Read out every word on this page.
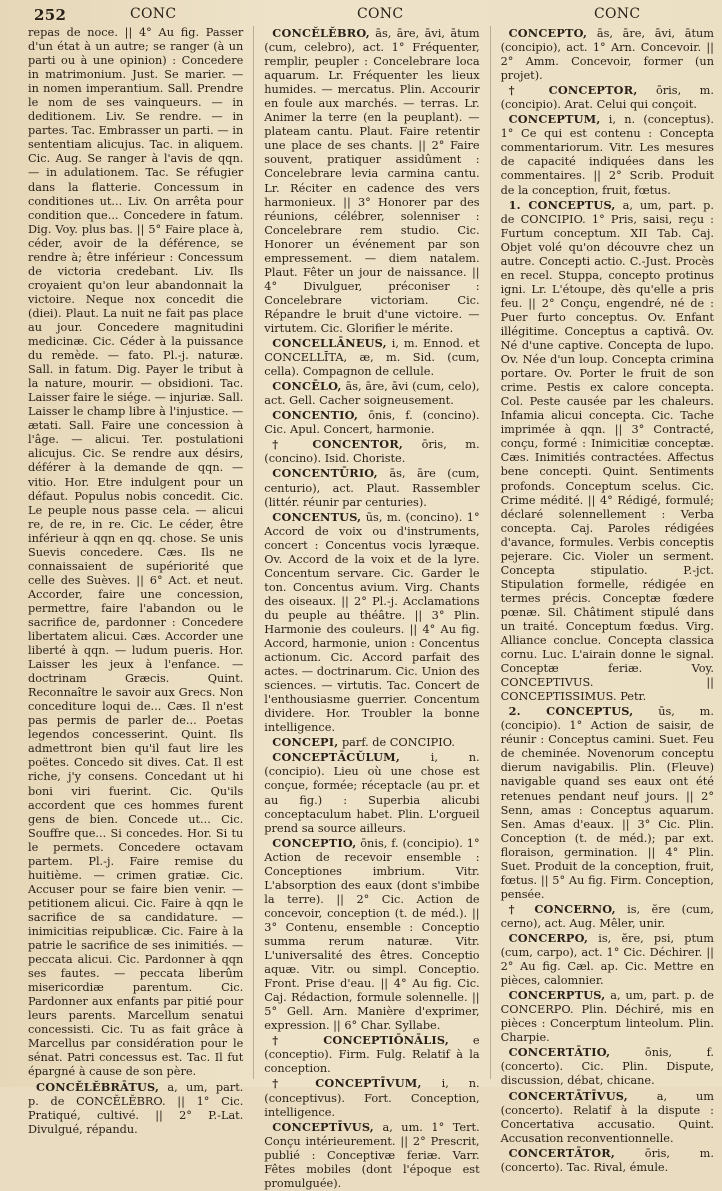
252	CONC	CONC	CONC

repas de noce. || 4° Au fig. Passer d'un état à un autre; se ranger (à un parti ou à une opinion) : Concedere in matrimonium. Just. Se marier. — in nomen imperantium. Sall. Prendre le nom de ses vainqueurs. — in deditionem. Liv. Se rendre. — in partes. Tac. Embrasser un parti. — in sententiam alicujus. Tac. in aliquem. Cic. Aug. Se ranger à l'avis de qqn. — in adulationem. Tac. Se réfugier dans la flatterie. Concessum in conditiones ut... Liv. On arrêta pour condition que... Concedere in fatum. Dig. Voy. plus bas. || 5° Faire place à, céder, avoir de la déférence, se rendre à; être inférieur : Concessum de victoria credebant. Liv. Ils croyaient qu'on leur abandonnait la victoire. Neque nox concedit die (diei). Plaut. La nuit ne fait pas place au jour. Concedere magnitudini medicinæ. Cic. Céder à la puissance du remède. — fato. Pl.-j. naturæ. Sall. in fatum. Dig. Payer le tribut à la nature, mourir. — obsidioni. Tac. Laisser faire le siége. — injuriæ. Sall. Laisser le champ libre à l'injustice. — ætati. Sall. Faire une concession à l'âge. — alicui. Ter. postulationi alicujus. Cic. Se rendre aux désirs, déférer à la demande de qqn. — vitio. Hor. Etre indulgent pour un défaut. Populus nobis concedit. Cic. Le peuple nous passe cela. — alicui re, de re, in re. Cic. Le céder, être inférieur à qqn en qq. chose. Se unis Suevis concedere. Cæs. Ils ne connaissaient de supériorité que celle des Suèves. || 6° Act. et neut. Accorder, faire une concession, permettre, faire l'abandon ou le sacrifice de, pardonner : Concedere libertatem alicui. Cæs. Accorder une liberté à qqn. — ludum pueris. Hor. Laisser les jeux à l'enfance. — doctrinam Græcis. Quint. Reconnaître le savoir aux Grecs. Non concediture loqui de... Cæs. Il n'est pas permis de parler de... Poetas legendos concesserint. Quint. Ils admettront bien qu'il faut lire les poëtes. Concedo sit dives. Cat. Il est riche, j'y consens. Concedant ut hi boni viri fuerint. Cic. Qu'ils accordent que ces hommes furent gens de bien. Concede ut... Cic. Souffre que... Si concedes. Hor. Si tu le permets. Concedere octavam partem. Pl.-j. Faire remise du huitième. — crimen gratiæ. Cic. Accuser pour se faire bien venir. — petitionem alicui. Cic. Faire à qqn le sacrifice de sa candidature. — inimicitias reipublicæ. Cic. Faire à la patrie le sacrifice de ses inimitiés. — peccata alicui. Cic. Pardonner à qqn ses fautes. — peccata liberûm misericordiæ parentum. Cic. Pardonner aux enfants par pitié pour leurs parents. Marcellum senatui concessisti. Cic. Tu as fait grâce à Marcellus par considération pour le sénat. Patri concessus est. Tac. Il fut épargné à cause de son père.

CONCĔLĔBRĀTUS, a, um, part. p. de CONCĔLĔBRO. || 1° Cic. Pratiqué, cultivé. || 2° P.-Lat. Divulgué, répandu.

CONCĔLĔBRO, ās, āre, āvi, ātum (cum, celebro), act. 1° Fréquenter, remplir, peupler : Concelebrare loca aquarum. Lr. Fréquenter les lieux humides. — mercatus. Plin. Accourir en foule aux marchés. — terras. Lr. Animer la terre (en la peuplant). — plateam cantu. Plaut. Faire retentir une place de ses chants. || 2° Faire souvent, pratiquer assidûment : Concelebrare levia carmina cantu. Lr. Réciter en cadence des vers harmonieux. || 3° Honorer par des réunions, célébrer, solenniser : Concelebrare rem studio. Cic. Honorer un événement par son empressement. — diem natalem. Plaut. Fêter un jour de naissance. || 4° Divulguer, préconiser : Concelebrare victoriam. Cic. Répandre le bruit d'une victoire. — virtutem. Cic. Glorifier le mérite.

CONCELLĀNEUS, i, m. Ennod. et CONCELLĪTA, æ, m. Sid. (cum, cella). Compagnon de cellule.

CONCĒLO, ās, āre, āvi (cum, celo), act. Gell. Cacher soigneusement.

CONCENTIO, ōnis, f. (concino). Cic. Apul. Concert, harmonie.

† CONCENTOR, ōris, m. (concino). Isid. Choriste.

CONCENTŪRIO, ās, āre (cum, centurio), act. Plaut. Rassembler (littér. réunir par centuries).

CONCENTUS, ūs, m. (concino). 1° Accord de voix ou d'instruments, concert : Concentus vocis lyræque. Ov. Accord de la voix et de la lyre. Concentum servare. Cic. Garder le ton. Concentus avium. Virg. Chants des oiseaux. || 2° Pl.-j. Acclamations du peuple au théâtre. || 3° Plin. Harmonie des couleurs. || 4° Au fig. Accord, harmonie, union : Concentus actionum. Cic. Accord parfait des actes. — doctrinarum. Cic. Union des sciences. — virtutis. Tac. Concert de l'enthousiasme guerrier. Concentum dividere. Hor. Troubler la bonne intelligence.

CONCEPI, parf. de CONCIPIO.

CONCEPTĀCŬLUM,	i, n. (concipio). Lieu où une chose est conçue, formée; réceptacle (au pr. et au fig.) : Superbia alicubi conceptaculum habet. Plin. L'orgueil prend sa source ailleurs.

CONCEPTIO, ōnis, f. (concipio). 1° Action de recevoir ensemble : Conceptiones imbrium. Vitr. L'absorption des eaux (dont s'imbibe la terre). || 2° Cic. Action de concevoir, conception (t. de méd.). || 3° Contenu, ensemble : Conceptio summa rerum naturæ. Vitr. L'universalité des êtres. Conceptio aquæ. Vitr. ou simpl. Conceptio. Front. Prise d'eau. || 4° Au fig. Cic. Caj. Rédaction, formule solennelle. || 5° Gell. Arn. Manière d'exprimer, expression. || 6° Char. Syllabe.

† CONCEPTIŌNĀLIS, e (conceptio). Firm. Fulg. Relatif à la conception.

† CONCEPTĪVUM, i, n. (conceptivus). Fort. Conception, intelligence.

CONCEPTĪVUS, a, um. 1° Tert. Conçu intérieurement. || 2° Prescrit, publié : Conceptivæ feriæ. Varr. Fêtes mobiles (dont l'époque est promulguée).

CONCEPTO, ās, āre, āvi, ātum (concipio), act. 1° Arn. Concevoir. || 2° Amm. Concevoir, former (un projet).

† CONCEPTOR, ōris, m. (concipio). Arat. Celui qui conçoit.

CONCEPTUM, i, n. (conceptus). 1° Ce qui est contenu : Concepta commentariorum. Vitr. Les mesures de capacité indiquées dans les commentaires. || 2° Scrib. Produit de la conception, fruit, fœtus.

1. CONCEPTUS, a, um, part. p. de CONCIPIO. 1° Pris, saisi, reçu : Furtum conceptum. XII Tab. Caj. Objet volé qu'on découvre chez un autre. Concepti actio. C.-Just. Procès en recel. Stuppa, concepto protinus igni. Lr. L'étoupe, dès qu'elle a pris feu. || 2° Conçu, engendré, né de : Puer furto conceptus. Ov. Enfant illégitime. Conceptus a captivâ. Ov. Né d'une captive. Concepta de lupo. Ov. Née d'un loup. Concepta crimina portare. Ov. Porter le fruit de son crime. Pestis ex calore concepta. Col. Peste causée par les chaleurs. Infamia alicui concepta. Cic. Tache imprimée à qqn. || 3° Contracté, conçu, formé : Inimicitiæ conceptæ. Cæs. Inimitiés contractées. Affectus bene concepti. Quint. Sentiments profonds. Conceptum scelus. Cic. Crime médité. || 4° Rédigé, formulé; déclaré solennellement : Verba concepta. Caj. Paroles rédigées d'avance, formules. Verbis conceptis pejerare. Cic. Violer un serment. Concepta stipulatio. P.-jct. Stipulation formelle, rédigée en termes précis. Conceptæ fœdere pœnæ. Sil. Châtiment stipulé dans un traité. Conceptum fœdus. Virg. Alliance conclue. Concepta classica cornu. Luc. L'airain donne le signal. Conceptæ feriæ. Voy. CONCEPTIVUS. || CONCEPTISSIMUS. Petr.

2. CONCEPTUS, ūs, m. (concipio). 1° Action de saisir, de réunir : Conceptus camini. Suet. Feu de cheminée. Novenorum conceptu dierum navigabilis. Plin. (Fleuve) navigable quand ses eaux ont été retenues pendant neuf jours. || 2° Senn, amas : Conceptus aquarum. Sen. Amas d'eaux. || 3° Cic. Plin. Conception (t. de méd.); par ext. floraison, germination. || 4° Plin. Suet. Produit de la conception, fruit, fœtus. || 5° Au fig. Firm. Conception, pensée.

† CONCERNO, is, ĕre (cum, cerno), act. Aug. Mêler, unir.

CONCERPO, is, ĕre, psi, ptum (cum, carpo), act. 1° Cic. Déchirer. || 2° Au fig. Cæl. ap. Cic. Mettre en pièces, calomnier.

CONCERPTUS, a, um, part. p. de CONCERPO. Plin. Déchiré, mis en pièces : Concerptum linteolum. Plin. Charpie.

CONCERTĀTIO,	ōnis, f. (concerto). Cic. Plin. Dispute, discussion, débat, chicane.

CONCERTĀTĪVUS,	a, um (concerto). Relatif à la dispute : Concertativa accusatio. Quint. Accusation reconventionnelle.

CONCERTĀTOR,	ōris, m. (concerto). Tac. Rival, émule.
